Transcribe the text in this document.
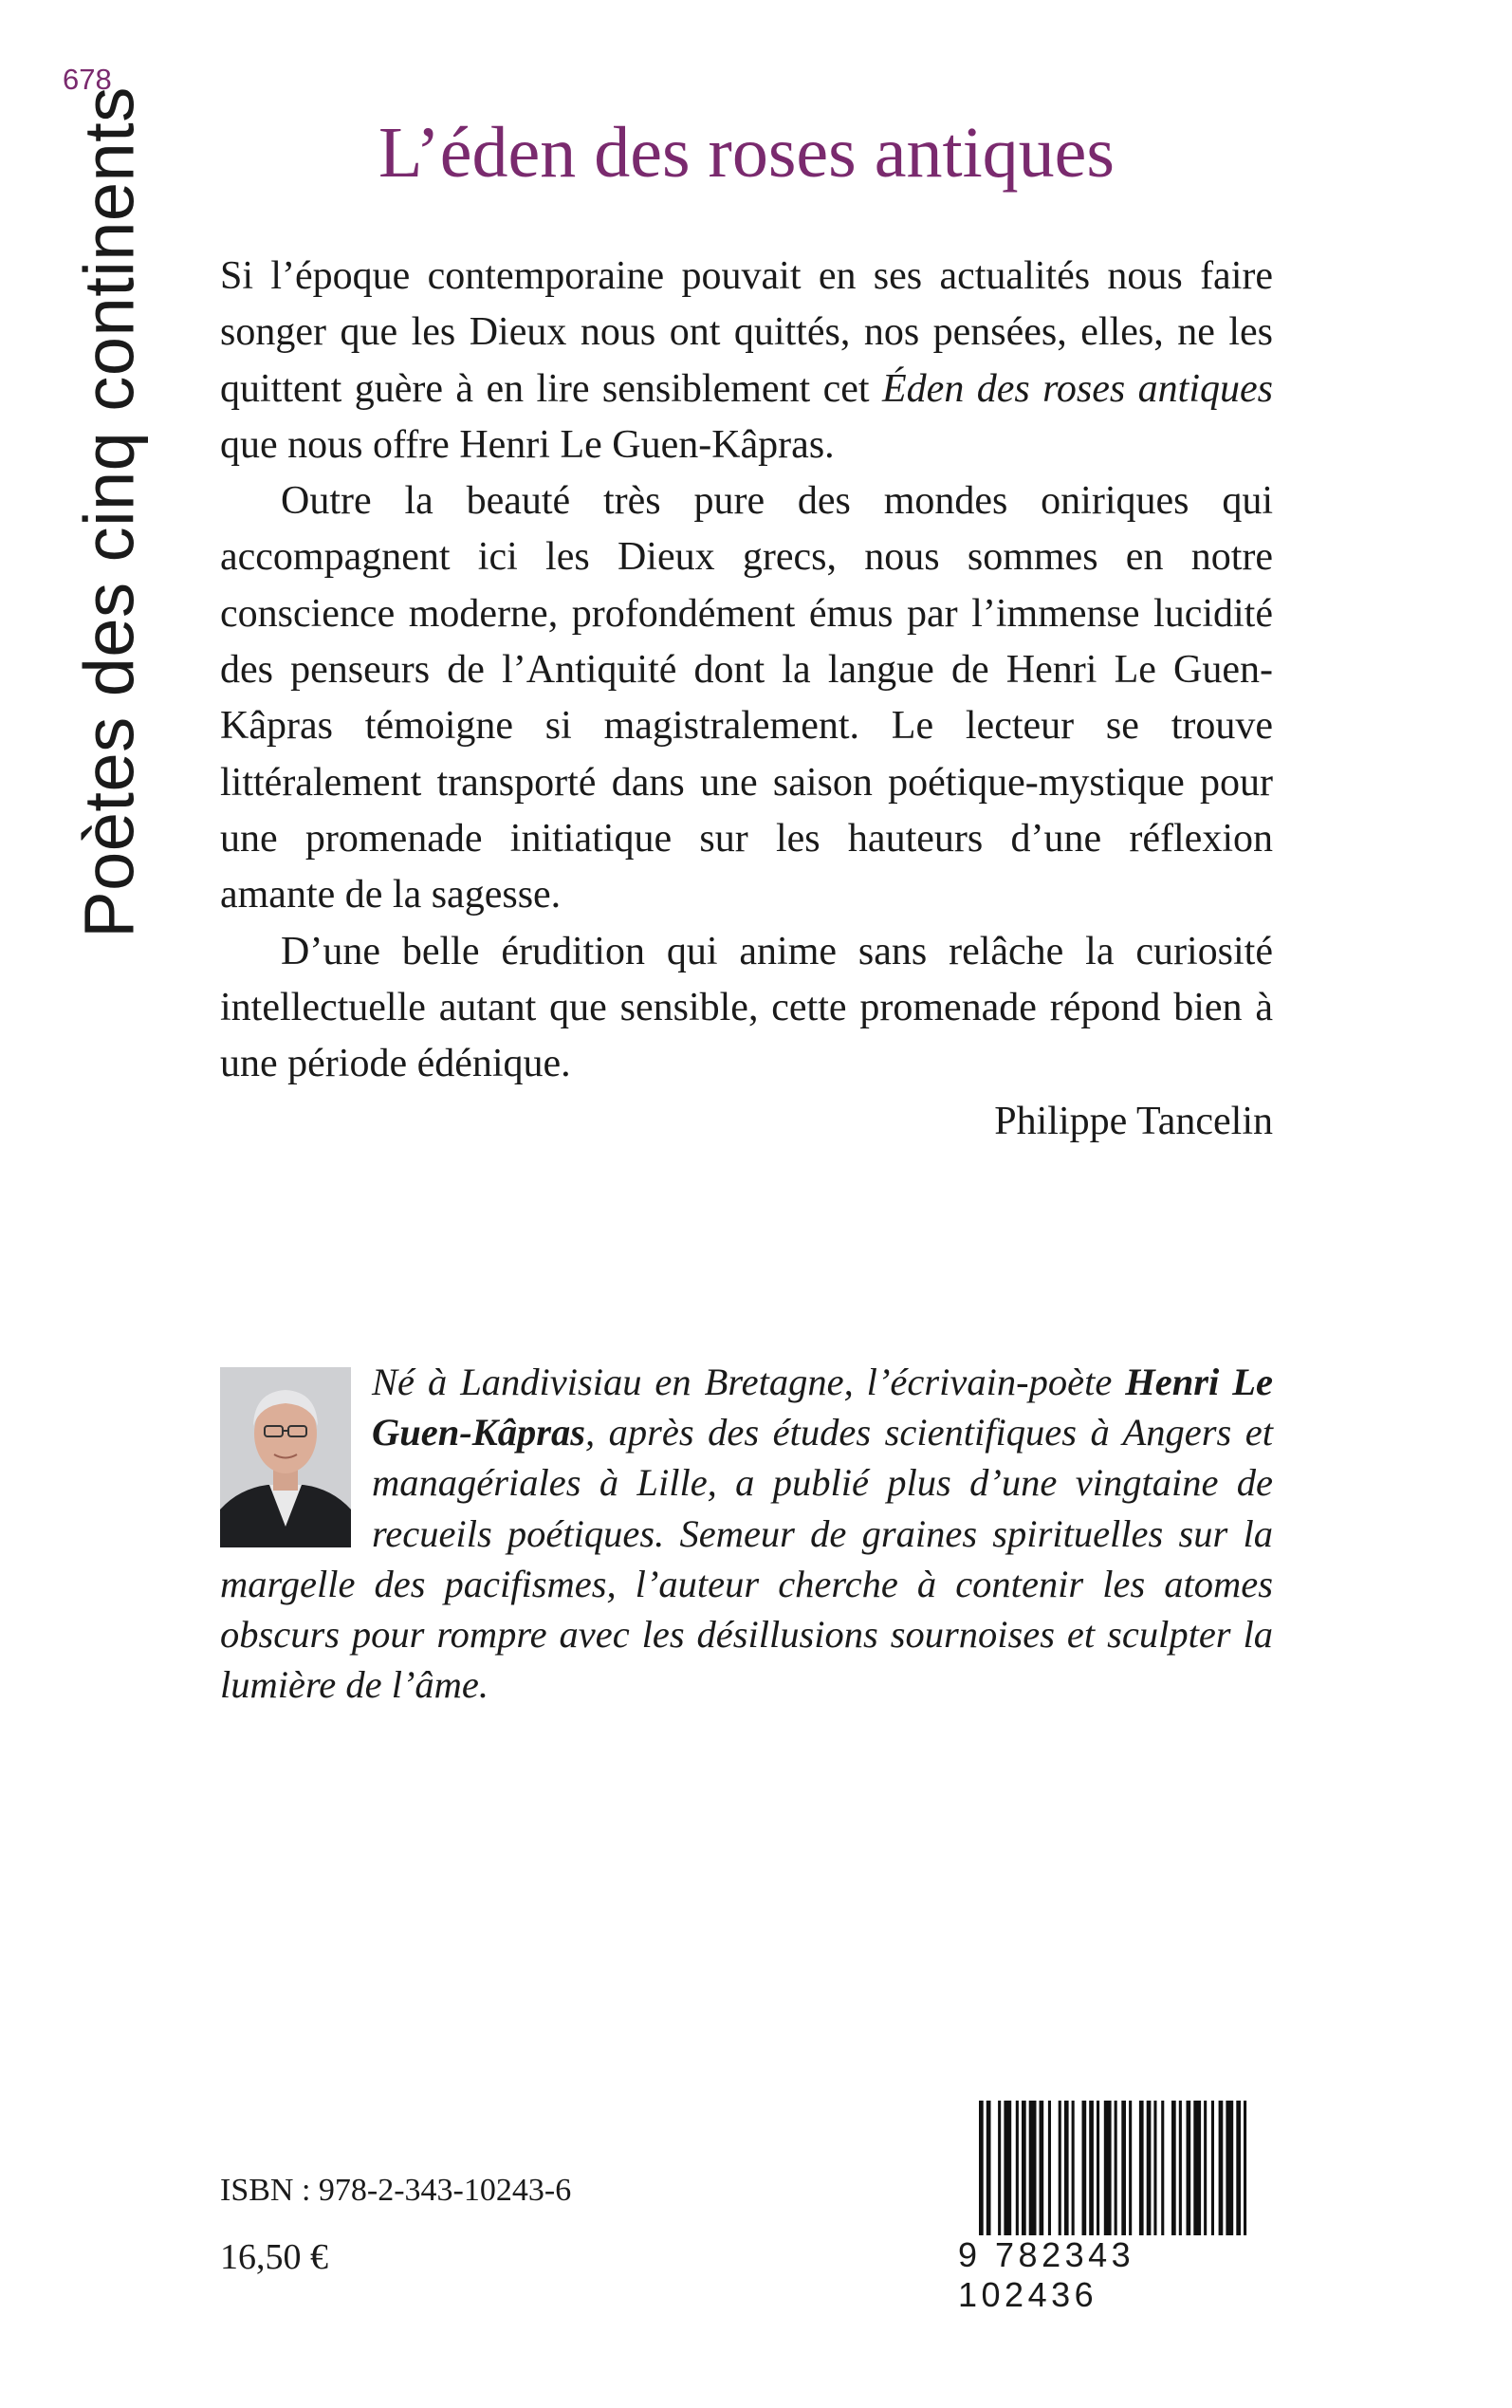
678
Poètes des cinq continents	L’éden des roses antiques

Si l’époque contemporaine pouvait en ses actualités nous faire songer que les Dieux nous ont quittés, nos pensées, elles, ne les quittent guère à en lire sensiblement cet Éden des roses antiques que nous offre Henri Le Guen-Kâpras.

Outre la beauté très pure des mondes oniriques qui accompagnent ici les Dieux grecs, nous sommes en notre conscience moderne, profondément émus par l’immense lucidité des penseurs de l’Antiquité dont la langue de Henri Le Guen-Kâpras témoigne si magistralement. Le lecteur se trouve littéralement transporté dans une saison poétique-mystique pour une promenade initiatique sur les hauteurs d’une réflexion amante de la sagesse.

D’une belle érudition qui anime sans relâche la curiosité intellectuelle autant que sensible, cette promenade répond bien à une période édénique.

Philippe Tancelin
Né à Landivisiau en Bretagne, l’écrivain-poète Henri Le Guen-Kâpras, après des études scientifiques à Angers et managériales à Lille, a publié plus d’une vingtaine de recueils poétiques. Semeur de graines spirituelles sur la margelle des pacifismes, l’auteur cherche à contenir les atomes obscurs pour rompre avec les désillusions sournoises et sculpter la lumière de l’âme.
ISBN : 978-2-343-10243-6
16,50 €	9 782343 102436
